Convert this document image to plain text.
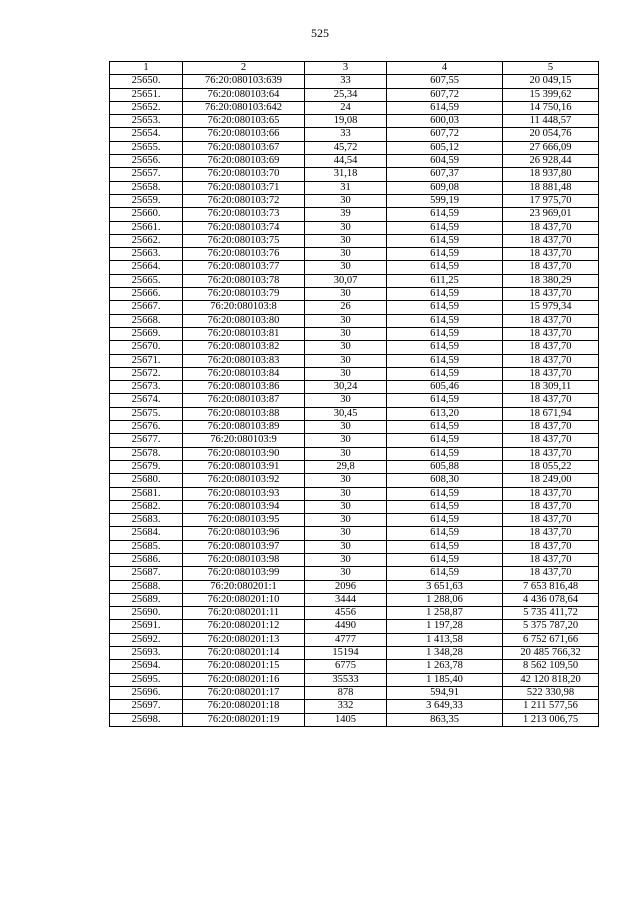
525
1	2	3	4	5
25650.	76:20:080103:639	33	607,55	20 049,15
25651.	76:20:080103:64	25,34	607,72	15 399,62
25652.	76:20:080103:642	24	614,59	14 750,16
25653.	76:20:080103:65	19,08	600,03	11 448,57
25654.	76:20:080103:66	33	607,72	20 054,76
25655.	76:20:080103:67	45,72	605,12	27 666,09
25656.	76:20:080103:69	44,54	604,59	26 928,44
25657.	76:20:080103:70	31,18	607,37	18 937,80
25658.	76:20:080103:71	31	609,08	18 881,48
25659.	76:20:080103:72	30	599,19	17 975,70
25660.	76:20:080103:73	39	614,59	23 969,01
25661.	76:20:080103:74	30	614,59	18 437,70
25662.	76:20:080103:75	30	614,59	18 437,70
25663.	76:20:080103:76	30	614,59	18 437,70
25664.	76:20:080103:77	30	614,59	18 437,70
25665.	76:20:080103:78	30,07	611,25	18 380,29
25666.	76:20:080103:79	30	614,59	18 437,70
25667.	76:20:080103:8	26	614,59	15 979,34
25668.	76:20:080103:80	30	614,59	18 437,70
25669.	76:20:080103:81	30	614,59	18 437,70
25670.	76:20:080103:82	30	614,59	18 437,70
25671.	76:20:080103:83	30	614,59	18 437,70
25672.	76:20:080103:84	30	614,59	18 437,70
25673.	76:20:080103:86	30,24	605,46	18 309,11
25674.	76:20:080103:87	30	614,59	18 437,70
25675.	76:20:080103:88	30,45	613,20	18 671,94
25676.	76:20:080103:89	30	614,59	18 437,70
25677.	76:20:080103:9	30	614,59	18 437,70
25678.	76:20:080103:90	30	614,59	18 437,70
25679.	76:20:080103:91	29,8	605,88	18 055,22
25680.	76:20:080103:92	30	608,30	18 249,00
25681.	76:20:080103:93	30	614,59	18 437,70
25682.	76:20:080103:94	30	614,59	18 437,70
25683.	76:20:080103:95	30	614,59	18 437,70
25684.	76:20:080103:96	30	614,59	18 437,70
25685.	76:20:080103:97	30	614,59	18 437,70
25686.	76:20:080103:98	30	614,59	18 437,70
25687.	76:20:080103:99	30	614,59	18 437,70
25688.	76:20:080201:1	2096	3 651,63	7 653 816,48
25689.	76:20:080201:10	3444	1 288,06	4 436 078,64
25690.	76:20:080201:11	4556	1 258,87	5 735 411,72
25691.	76:20:080201:12	4490	1 197,28	5 375 787,20
25692.	76:20:080201:13	4777	1 413,58	6 752 671,66
25693.	76:20:080201:14	15194	1 348,28	20 485 766,32
25694.	76:20:080201:15	6775	1 263,78	8 562 109,50
25695.	76:20:080201:16	35533	1 185,40	42 120 818,20
25696.	76:20:080201:17	878	594,91	522 330,98
25697.	76:20:080201:18	332	3 649,33	1 211 577,56
25698.	76:20:080201:19	1405	863,35	1 213 006,75
